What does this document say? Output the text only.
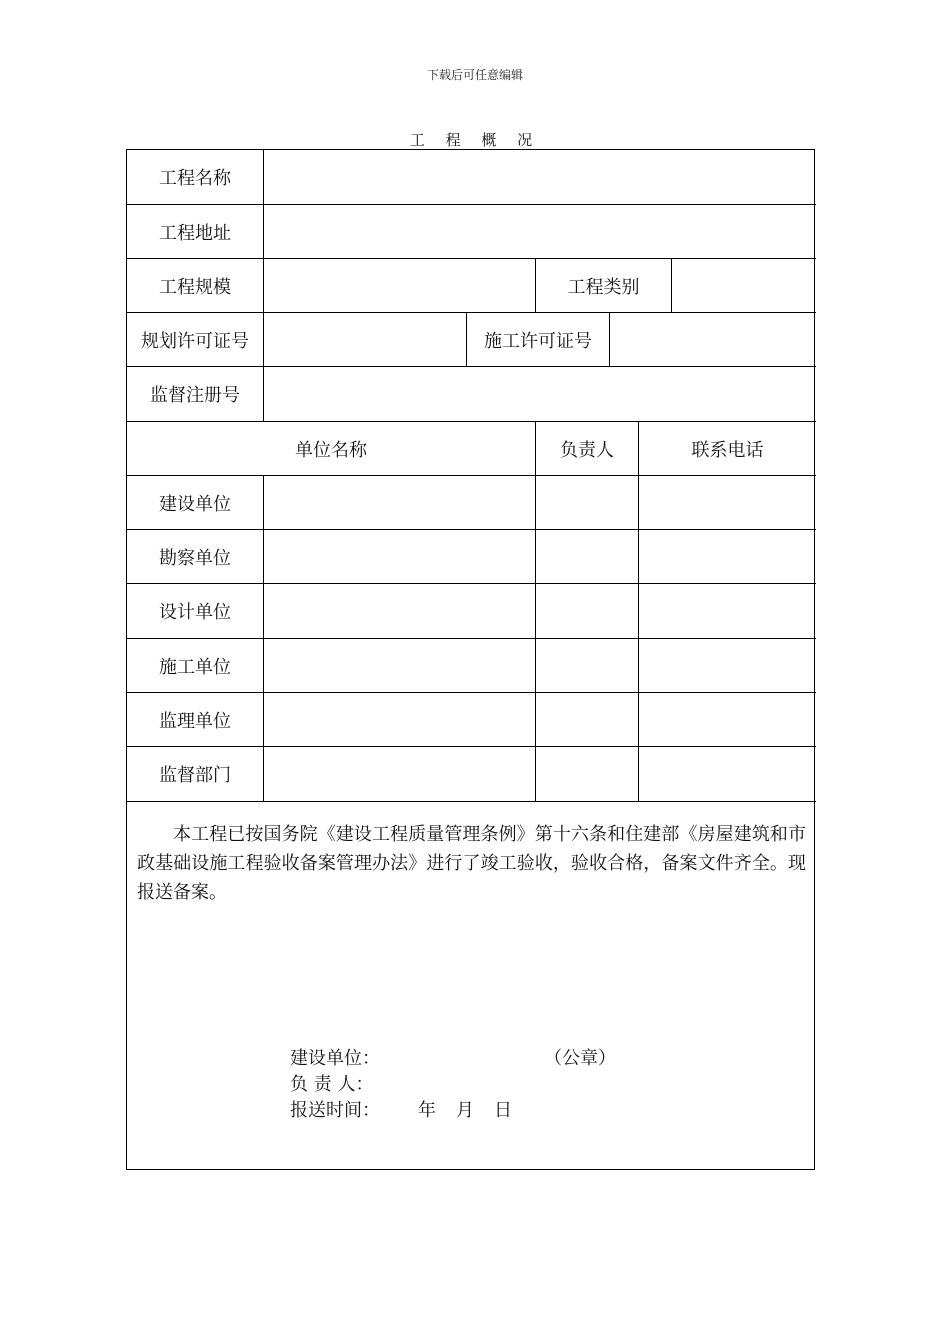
下载后可任意编辑
工 程 概 况
工程名称
工程地址
工程规模	工程类别
规划许可证号	施工许可证号
监督注册号
单位名称	负责人	联系电话
建设单位
勘察单位
设计单位
施工单位
监理单位
监督部门
本工程已按国务院《建设工程质量管理条例》第十六条和住建部《房屋建筑和市政基础设施工程验收备案管理办法》进行了竣工验收，验收合格，备案文件齐全。现报送备案。
建设单位：	（公章）
负 责 人：
报送时间： 年 月 日
